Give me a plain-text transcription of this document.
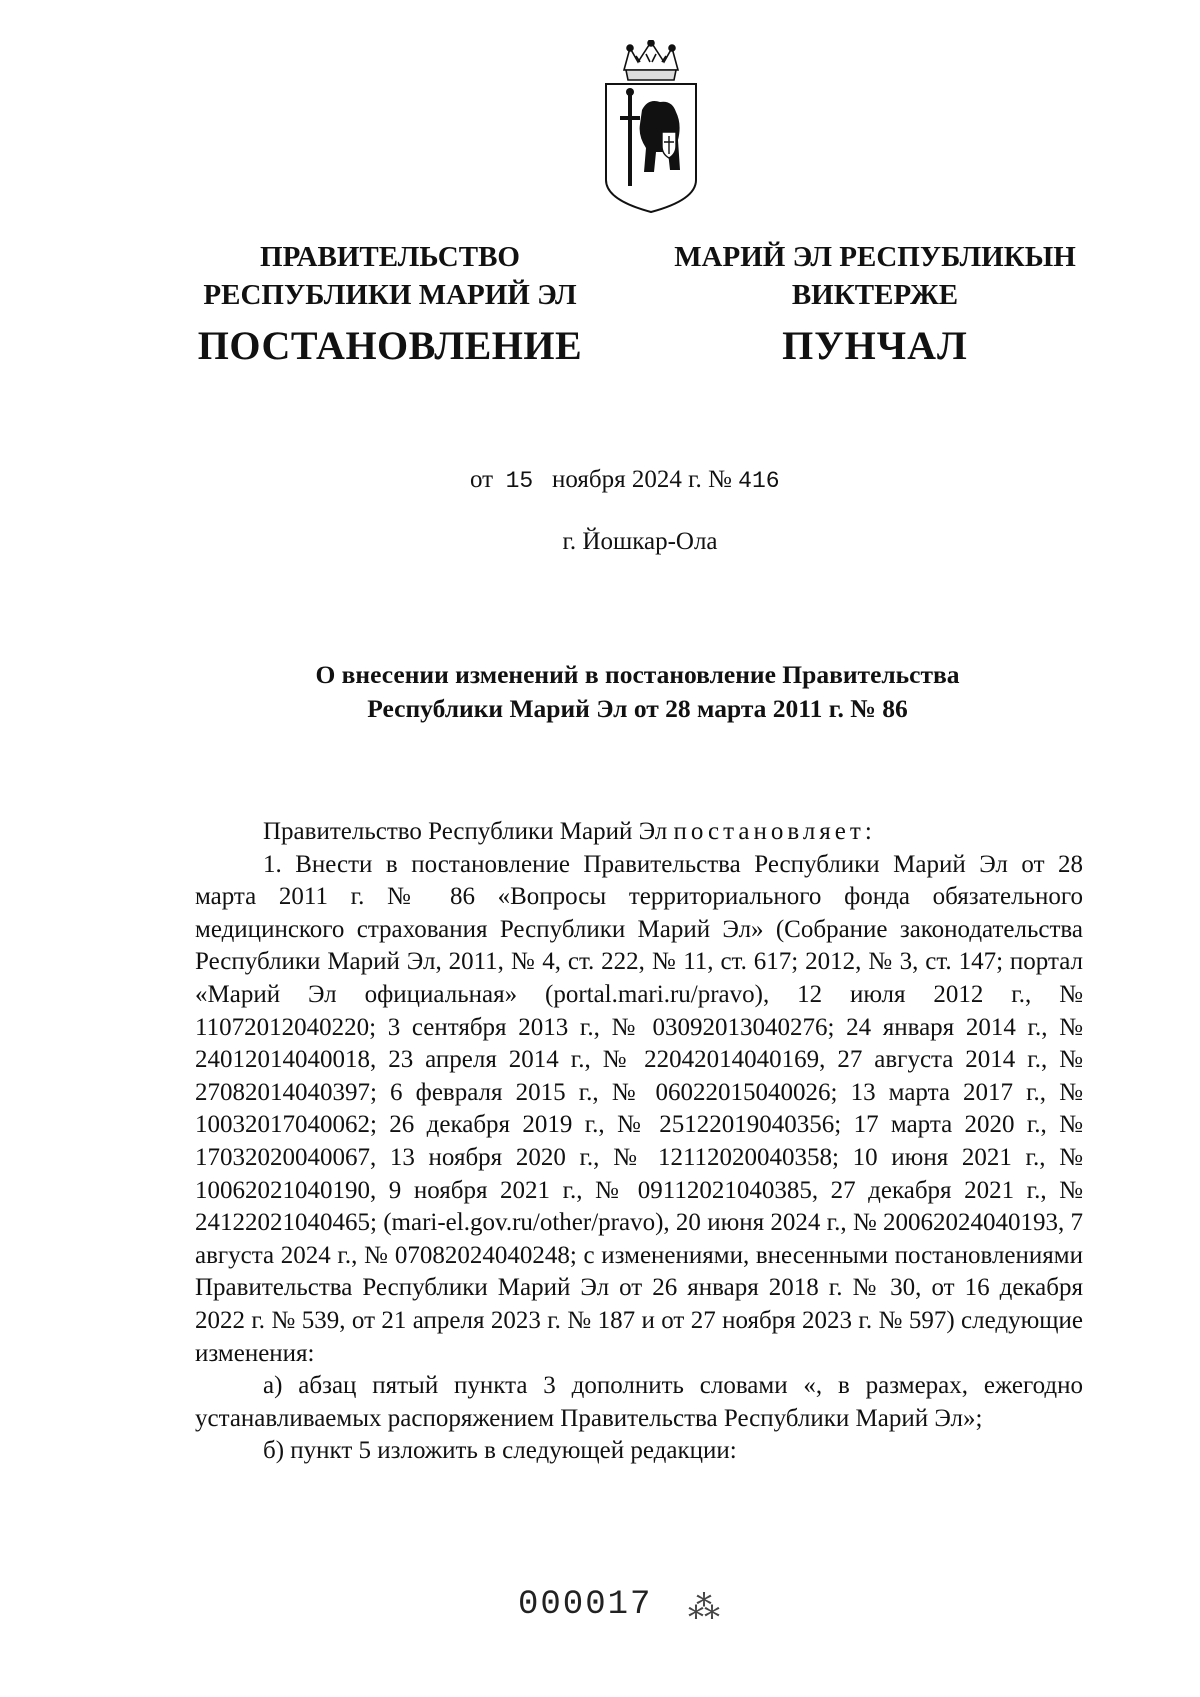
ПРАВИТЕЛЬСТВО
РЕСПУБЛИКИ МАРИЙ ЭЛ
МАРИЙ ЭЛ РЕСПУБЛИКЫН
ВИКТЕРЖЕ
ПОСТАНОВЛЕНИЕ	ПУНЧАЛ
от 15 ноября 2024 г. № 416
г. Йошкар-Ола
О внесении изменений в постановление Правительства
Республики Марий Эл от 28 марта 2011 г. № 86

Правительство Республики Марий Эл постановляет:

1. Внести в постановление Правительства Республики Марий Эл от 28 марта 2011 г. № 86 «Вопросы территориального фонда обязательного медицинского страхования Республики Марий Эл» (Собрание законодательства Республики Марий Эл, 2011, № 4, ст. 222, № 11, ст. 617; 2012, № 3, ст. 147; портал «Марий Эл официальная» (portal.mari.ru/pravo), 12 июля 2012 г., № 11072012040220; 3 сентября 2013 г., № 03092013040276; 24 января 2014 г., № 24012014040018, 23 апреля 2014 г., № 22042014040169, 27 августа 2014 г., № 27082014040397; 6 февраля 2015 г., № 06022015040026; 13 марта 2017 г., № 10032017040062; 26 декабря 2019 г., № 25122019040356; 17 марта 2020 г., № 17032020040067, 13 ноября 2020 г., № 12112020040358; 10 июня 2021 г., № 10062021040190, 9 ноября 2021 г., № 09112021040385, 27 декабря 2021 г., № 24122021040465; (mari-el.gov.ru/other/pravo), 20 июня 2024 г., № 20062024040193, 7 августа 2024 г., № 07082024040248; с изменениями, внесенными постановлениями Правительства Республики Марий Эл от 26 января 2018 г. № 30, от 16 декабря 2022 г. № 539, от 21 апреля 2023 г. № 187 и от 27 ноября 2023 г. № 597) следующие изменения:

а) абзац пятый пункта 3 дополнить словами «, в размерах, ежегодно устанавливаемых распоряжением Правительства Республики Марий Эл»;

б) пункт 5 изложить в следующей редакции:

000017 ⁂
